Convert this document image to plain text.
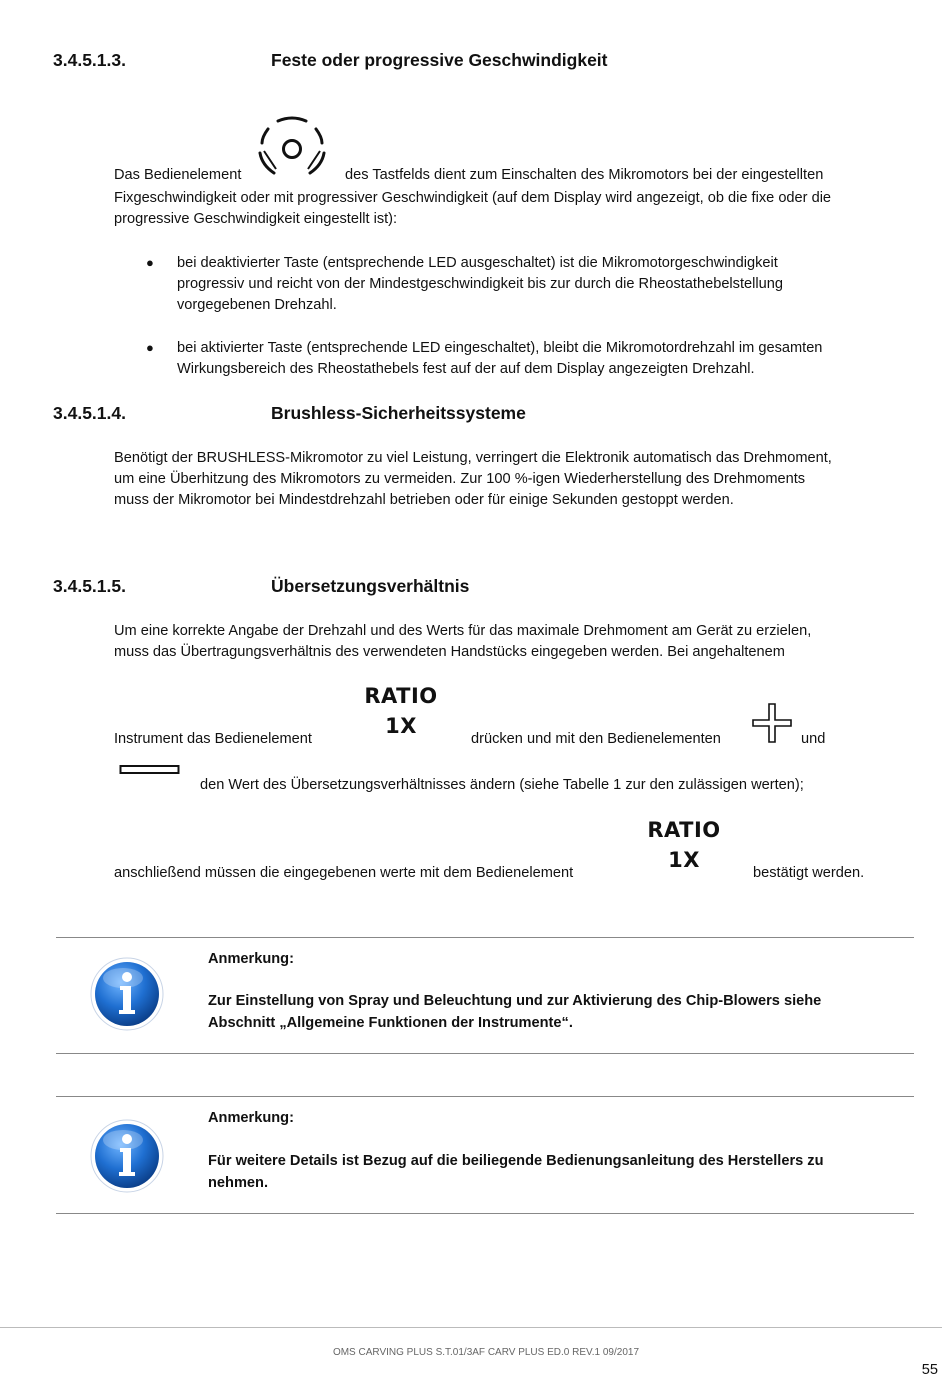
3.4.5.1.3.	Feste oder progressive Geschwindigkeit
Das Bedienelement	des Tastfelds dient zum Einschalten des Mikromotors bei der eingestellten
Fixgeschwindigkeit oder mit progressiver Geschwindigkeit (auf dem Display wird angezeigt, ob die fixe oder die
progressive Geschwindigkeit eingestellt ist):
● bei deaktivierter Taste (entsprechende LED ausgeschaltet) ist die Mikromotorgeschwindigkeit
progressiv und reicht von der Mindestgeschwindigkeit bis zur durch die Rheostathebelstellung
vorgegebenen Drehzahl.
● bei aktivierter Taste (entsprechende LED eingeschaltet), bleibt die Mikromotordrehzahl im gesamten
Wirkungsbereich des Rheostathebels fest auf der auf dem Display angezeigten Drehzahl.
3.4.5.1.4.	Brushless-Sicherheitssysteme
Benötigt der BRUSHLESS-Mikromotor zu viel Leistung, verringert die Elektronik automatisch das Drehmoment,
um eine Überhitzung des Mikromotors zu vermeiden. Zur 100 %-igen Wiederherstellung des Drehmoments
muss der Mikromotor bei Mindestdrehzahl betrieben oder für einige Sekunden gestoppt werden.
3.4.5.1.5.	Übersetzungsverhältnis
Um eine korrekte Angabe der Drehzahl und des Werts für das maximale Drehmoment am Gerät zu erzielen,
muss das Übertragungsverhältnis des verwendeten Handstücks eingegeben werden. Bei angehaltenem
RATIO
1X
Instrument das Bedienelement	drücken und mit den Bedienelementen	und
den Wert des Übersetzungsverhältnisses ändern (siehe Tabelle 1 zur den zulässigen werten);
RATIO
1X
anschließend müssen die eingegebenen werte mit dem Bedienelement	bestätigt werden.
Anmerkung:
Zur Einstellung von Spray und Beleuchtung und zur Aktivierung des Chip-Blowers siehe
Abschnitt „Allgemeine Funktionen der Instrumente“.
Anmerkung:
Für weitere Details ist Bezug auf die beiliegende Bedienungsanleitung des Herstellers zu
nehmen.
OMS CARVING PLUS S.T.01/3AF CARV PLUS ED.0 REV.1 09/2017
55
